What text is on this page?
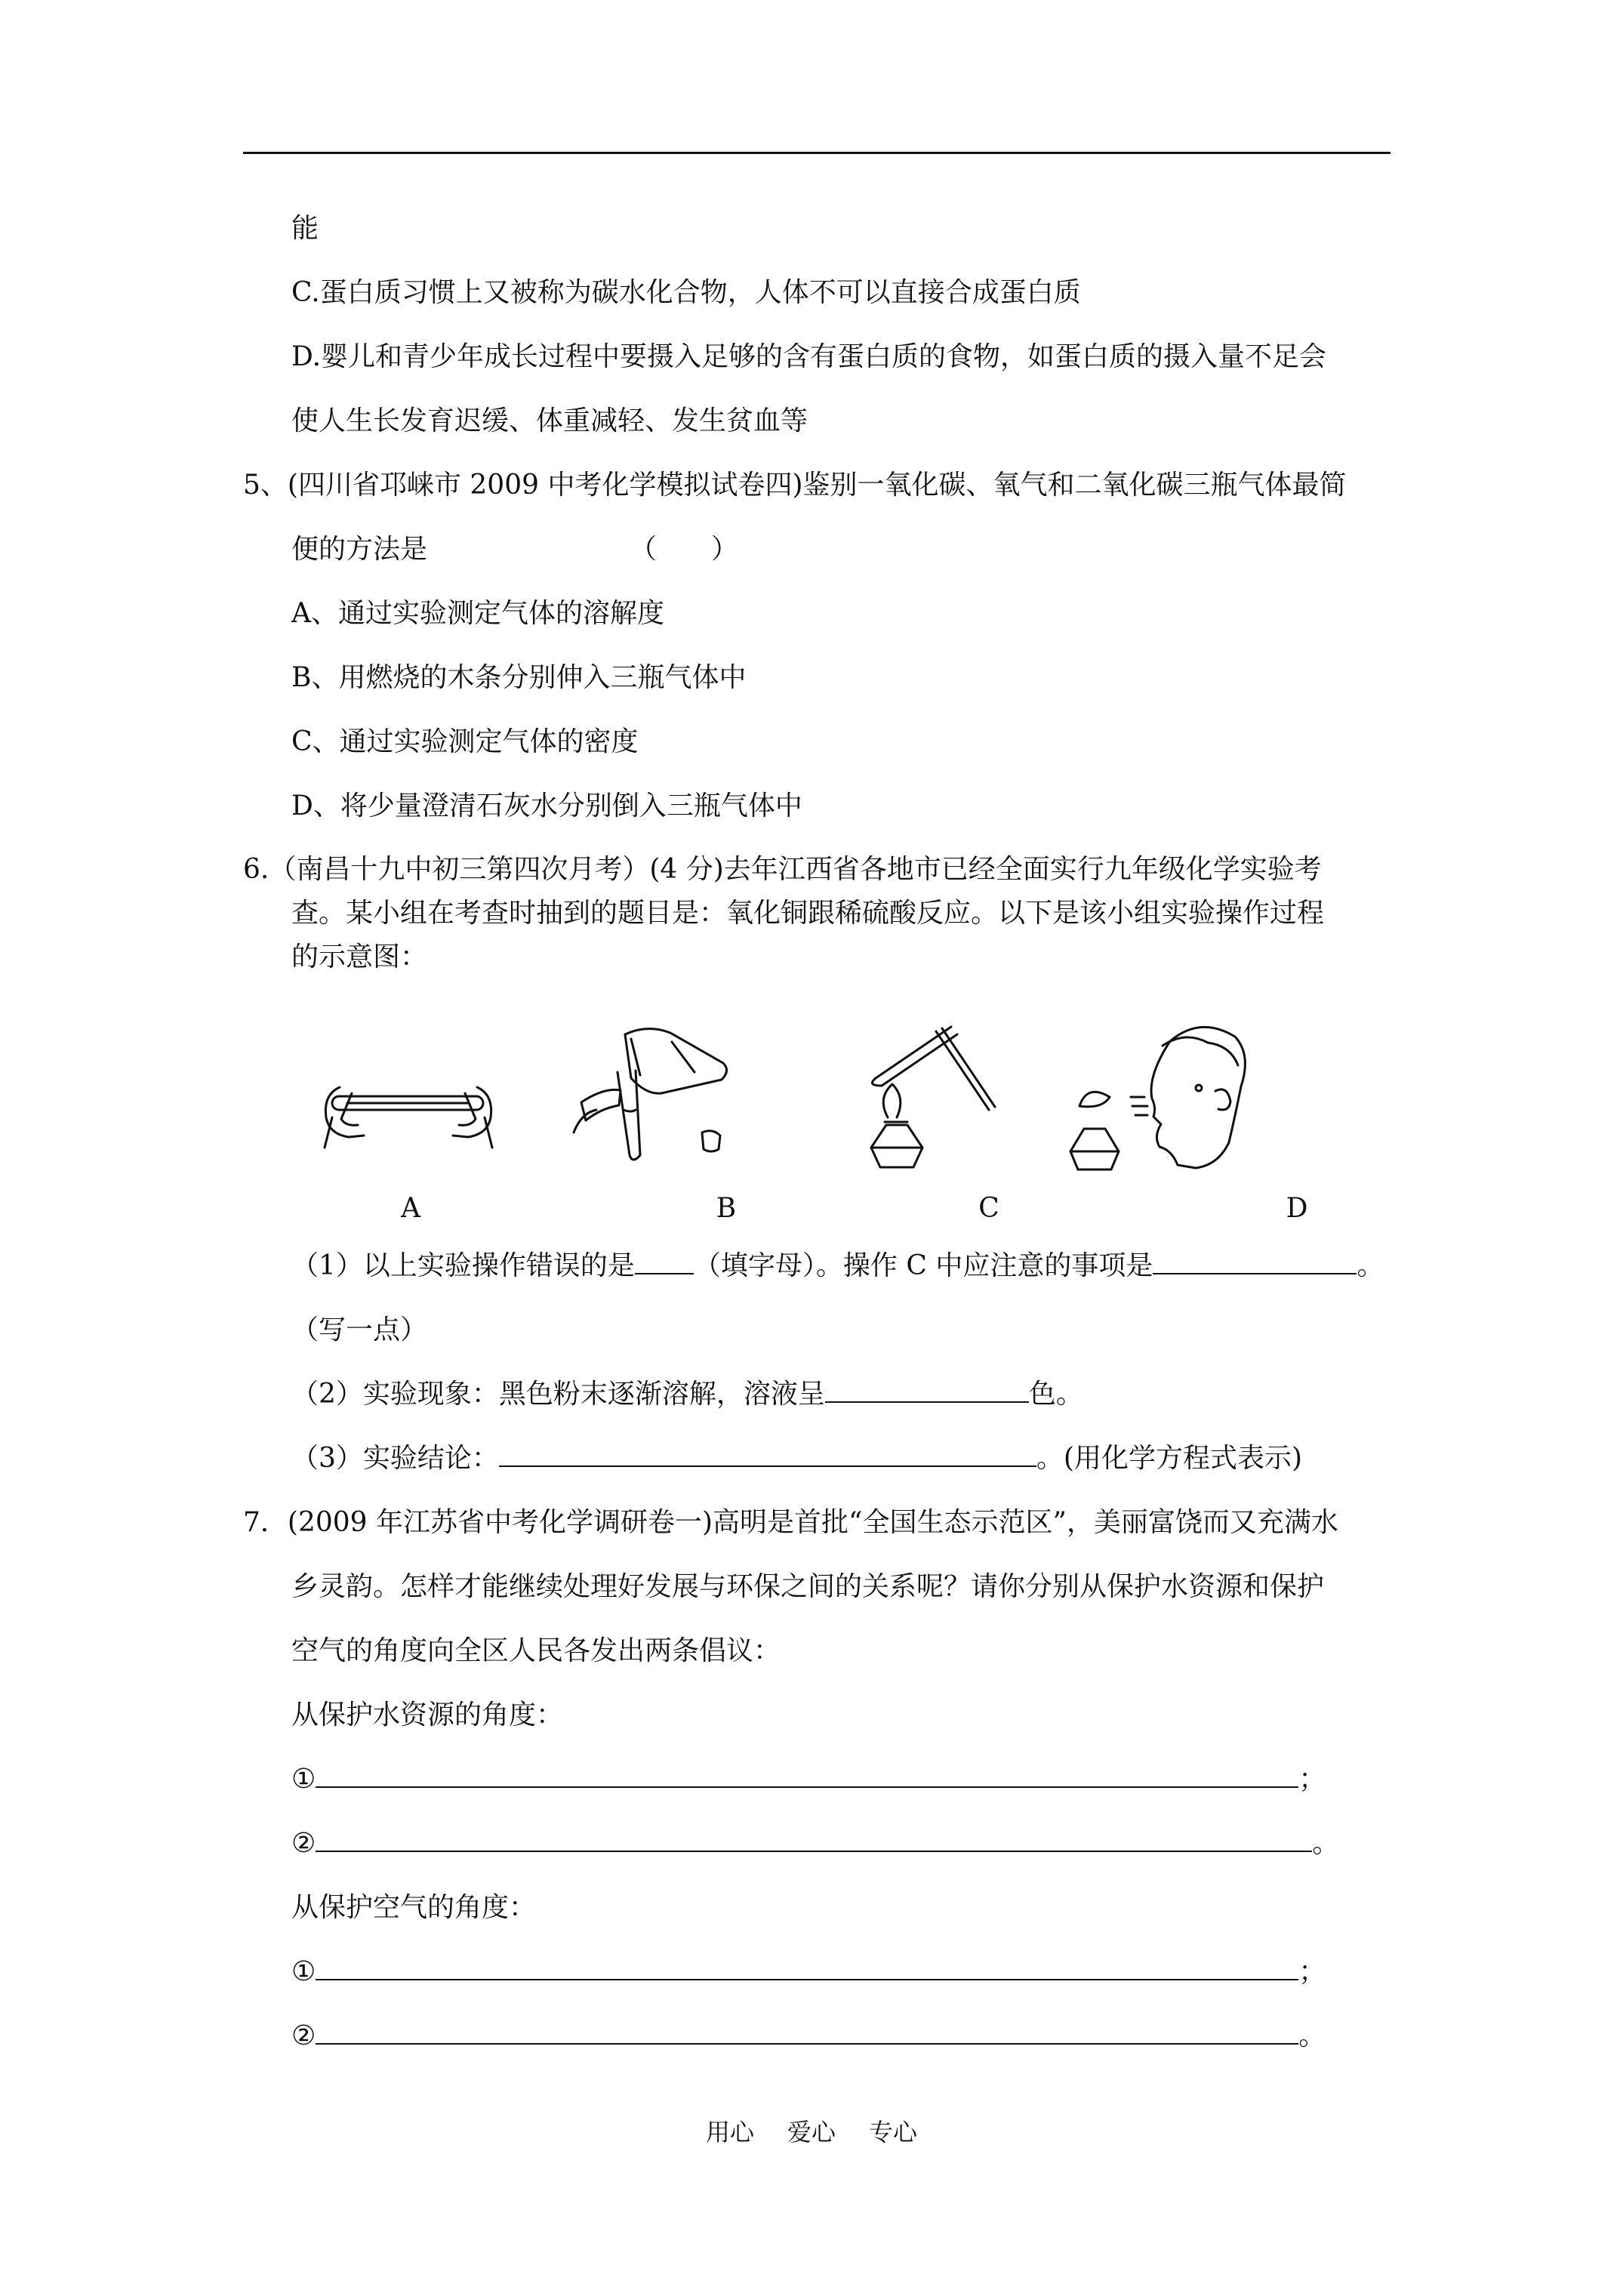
能
C.蛋白质习惯上又被称为碳水化合物，人体不可以直接合成蛋白质
D.婴儿和青少年成长过程中要摄入足够的含有蛋白质的食物，如蛋白质的摄入量不足会
使人生长发育迟缓、体重减轻、发生贫血等
5、(四川省邛崃市 2009 中考化学模拟试卷四)鉴别一氧化碳、氧气和二氧化碳三瓶气体最简
便的方法是	（　　）
A、通过实验测定气体的溶解度
B、用燃烧的木条分别伸入三瓶气体中
C、通过实验测定气体的密度
D、将少量澄清石灰水分别倒入三瓶气体中
6.（南昌十九中初三第四次月考）(4 分)去年江西省各地市已经全面实行九年级化学实验考
查。某小组在考查时抽到的题目是：氧化铜跟稀硫酸反应。以下是该小组实验操作过程
的示意图：
A	B	C	D
（1）以上实验操作错误的是 （填字母）。操作 C 中应注意的事项是	。
（写一点）
（2）实验现象：黑色粉末逐渐溶解，溶液呈	色。
（3）实验结论：	。(用化学方程式表示)
7．(2009 年江苏省中考化学调研卷一)高明是首批“全国生态示范区”，美丽富饶而又充满水
乡灵韵。怎样才能继续处理好发展与环保之间的关系呢？请你分别从保护水资源和保护
空气的角度向全区人民各发出两条倡议：
从保护水资源的角度：
①	；
②	。
从保护空气的角度：
①	；
②	。
用心 爱心 专心
